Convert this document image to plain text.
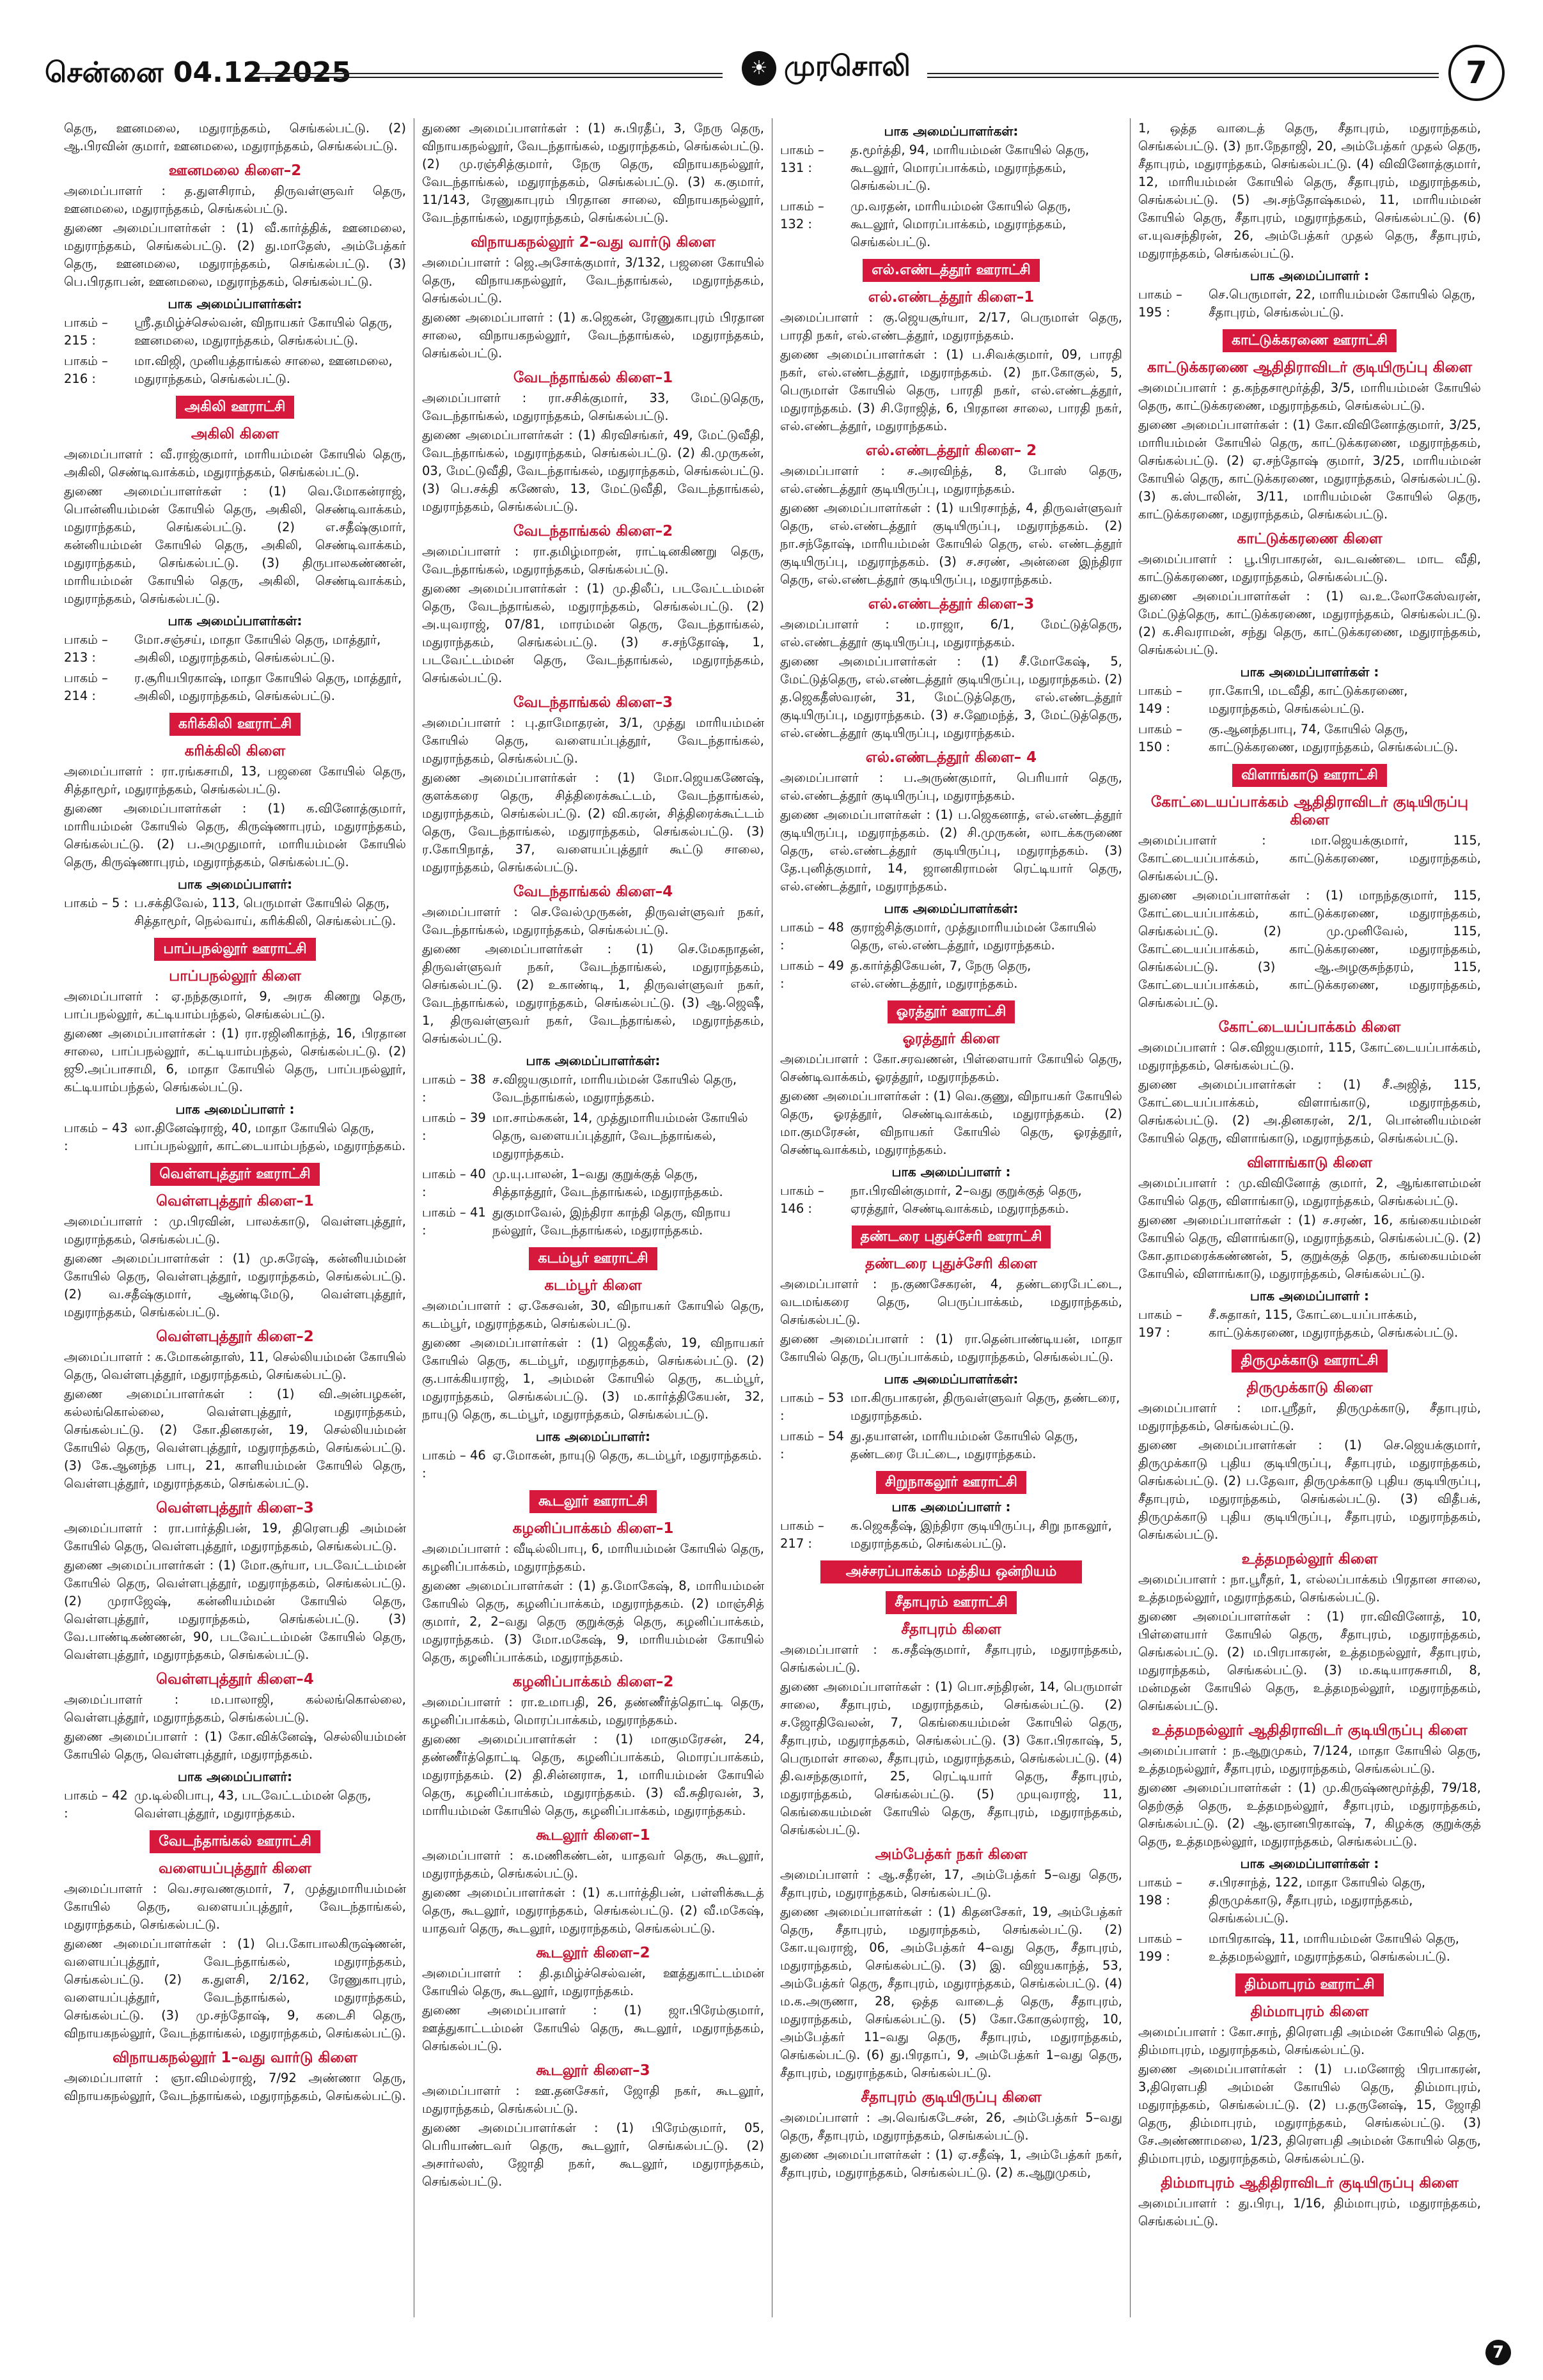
சென்னை 04.12.2025	☀ முரசொலி	7
தெரு, ஊனமலை, மதுராந்தகம், செங்கல்பட்டு. (2) ஆ.பிரவின் குமார், ஊனமலை, மதுராந்தகம், செங்கல்பட்டு.
ஊனமலை கிளை–2
அமைப்பாளர் : த.துளசிராம், திருவள்ளுவர் தெரு, ஊனமலை, மதுராந்தகம், செங்கல்பட்டு.
துணை அமைப்பாளர்கள் : (1) வீ.கார்த்திக், ஊனமலை, மதுராந்தகம், செங்கல்பட்டு. (2) து.மாதேஸ், அம்பேத்கர் தெரு, ஊனமலை, மதுராந்தகம், செங்கல்பட்டு. (3) பெ.பிரதாபன், ஊனமலை, மதுராந்தகம், செங்கல்பட்டு.
பாக அமைப்பாளர்கள்:
பாகம் – 215 :
ஸ்ரீ.தமிழ்ச்செல்வன், விநாயகர் கோயில் தெரு, ஊனமலை, மதுராந்தகம், செங்கல்பட்டு.
பாகம் – 216 :
மா.விஜி, முனியத்தாங்கல் சாலை, ஊனமலை, மதுராந்தகம், செங்கல்பட்டு.
அகிலி ஊராட்சி
அகிலி கிளை
அமைப்பாளர் : வீ.ராஜ்குமார், மாரியம்மன் கோயில் தெரு, அகிலி, செண்டிவாக்கம், மதுராந்தகம், செங்கல்பட்டு.
துணை அமைப்பாளர்கள் : (1) வெ.மோகன்ராஜ், பொன்னியம்மன் கோயில் தெரு, அகிலி, செண்டிவாக்கம், மதுராந்தகம், செங்கல்பட்டு. (2) எ.சதீஷ்குமார், கன்னியம்மன் கோயில் தெரு, அகிலி, செண்டிவாக்கம், மதுராந்தகம், செங்கல்பட்டு. (3) திருபாலகண்ணன், மாரியம்மன் கோயில் தெரு, அகிலி, செண்டிவாக்கம், மதுராந்தகம், செங்கல்பட்டு.
பாக அமைப்பாளர்கள்:
பாகம் – 213 :
மோ.சஞ்சய், மாதா கோயில் தெரு, மாத்தூர், அகிலி, மதுராந்தகம், செங்கல்பட்டு.
பாகம் – 214 :
ர.சூரியபிரகாஷ், மாதா கோயில் தெரு, மாத்தூர், அகிலி, மதுராந்தகம், செங்கல்பட்டு.
கரிக்கிலி ஊராட்சி
கரிக்கிலி கிளை
அமைப்பாளர் : ரா.ரங்கசாமி, 13, பஜனை கோயில் தெரு, சித்தாமூர், மதுராந்தகம், செங்கல்பட்டு.
துணை அமைப்பாளர்கள் : (1) க.வினோத்குமார், மாரியம்மன் கோயில் தெரு, கிருஷ்ணாபுரம், மதுராந்தகம், செங்கல்பட்டு. (2) ப.அமுதுமார், மாரியம்மன் கோயில் தெரு, கிருஷ்ணாபுரம், மதுராந்தகம், செங்கல்பட்டு.
பாக அமைப்பாளர்:
பாகம் – 5 : ப.சக்திவேல், 113, பெருமாள் கோயில் தெரு, சித்தாமூர், நெல்வாய், கரிக்கிலி, செங்கல்பட்டு.
பாப்பநல்லூர் ஊராட்சி
பாப்பநல்லூர் கிளை
அமைப்பாளர் : ஏ.நந்தகுமார், 9, அரசு கிணறு தெரு, பாப்பநல்லூர், கட்டியாம்பந்தல், செங்கல்பட்டு.
துணை அமைப்பாளர்கள் : (1) ரா.ரஜினிகாந்த், 16, பிரதான சாலை, பாப்பநல்லூர், கட்டியாம்பந்தல், செங்கல்பட்டு. (2) ஜூ.அப்பாசாமி, 6, மாதா கோயில் தெரு, பாப்பநல்லூர், கட்டியாம்பந்தல், செங்கல்பட்டு.
பாக அமைப்பாளர் :
பாகம் – 43 :
லா.தினேஷ்ராஜ், 40, மாதா கோயில் தெரு, பாப்பநல்லூர், காட்டையாம்பந்தல், மதுராந்தகம்.
வெள்ளபுத்தூர் ஊராட்சி
வெள்ளபுத்தூர் கிளை–1
அமைப்பாளர் : மு.பிரவின், பாலக்காடு, வெள்ளபுத்தூர், மதுராந்தகம், செங்கல்பட்டு.
துணை அமைப்பாளர்கள் : (1) மு.சுரேஷ், கன்னியம்மன் கோயில் தெரு, வெள்ளபுத்தூர், மதுராந்தகம், செங்கல்பட்டு. (2) வ.சதீஷ்குமார், ஆண்டிமேடு, வெள்ளபுத்தூர், மதுராந்தகம், செங்கல்பட்டு.
வெள்ளபுத்தூர் கிளை–2
அமைப்பாளர் : க.மோகன்தாஸ், 11, செல்லியம்மன் கோயில் தெரு, வெள்ளபுத்தூர், மதுராந்தகம், செங்கல்பட்டு.
துணை அமைப்பாளர்கள் : (1) வி.அன்பழகன், கல்லங்கொல்லை, வெள்ளபுத்தூர், மதுராந்தகம், செங்கல்பட்டு. (2) கோ.தினகரன், 19, செல்லியம்மன் கோயில் தெரு, வெள்ளபுத்தூர், மதுராந்தகம், செங்கல்பட்டு. (3) கே.ஆனந்த பாபு, 21, காளியம்மன் கோயில் தெரு, வெள்ளபுத்தூர், மதுராந்தகம், செங்கல்பட்டு.
வெள்ளபுத்தூர் கிளை–3
அமைப்பாளர் : ரா.பார்த்திபன், 19, திரௌபதி அம்மன் கோயில் தெரு, வெள்ளபுத்தூர், மதுராந்தகம், செங்கல்பட்டு.
துணை அமைப்பாளர்கள் : (1) மோ.சூர்யா, படவேட்டம்மன் கோயில் தெரு, வெள்ளபுத்தூர், மதுராந்தகம், செங்கல்பட்டு. (2) முராஜேஷ், கன்னியம்மன் கோயில் தெரு, வெள்ளபுத்தூர், மதுராந்தகம், செங்கல்பட்டு. (3) வே.பாண்டிகண்ணன், 90, படவேட்டம்மன் கோயில் தெரு, வெள்ளபுத்தூர், மதுராந்தகம், செங்கல்பட்டு.
வெள்ளபுத்தூர் கிளை–4
அமைப்பாளர் : ம.பாலாஜி, கல்லங்கொல்லை, வெள்ளபுத்தூர், மதுராந்தகம், செங்கல்பட்டு.
துணை அமைப்பாளர் : (1) கோ.விக்னேஷ், செல்லியம்மன் கோயில் தெரு, வெள்ளபுத்தூர், மதுராந்தகம்.
பாக அமைப்பாளர்:
பாகம் – 42 :
மு.டில்லிபாபு, 43, படவேட்டம்மன் தெரு, வெள்ளபுத்தூர், மதுராந்தகம்.
வேடந்தாங்கல் ஊராட்சி
வளையப்புத்தூர் கிளை
அமைப்பாளர் : வெ.சரவணகுமார், 7, முத்துமாரியம்மன் கோயில் தெரு, வளையப்புத்தூர், வேடந்தாங்கல், மதுராந்தகம், செங்கல்பட்டு.
துணை அமைப்பாளர்கள் : (1) பெ.கோபாலகிருஷ்ணன், வளையப்புத்தூர், வேடந்தாங்கல், மதுராந்தகம், செங்கல்பட்டு. (2) க.துளசி, 2/162, ரேணுகாபுரம், வளையப்புத்தூர், வேடந்தாங்கல், மதுராந்தகம், செங்கல்பட்டு. (3) மு.சந்தோஷ், 9, கடைசி தெரு, விநாயகநல்லூர், வேடந்தாங்கல், மதுராந்தகம், செங்கல்பட்டு.
விநாயகநல்லூர் 1–வது வார்டு கிளை
அமைப்பாளர் : ஞா.விமல்ராஜ், 7/92 அண்ணா தெரு, விநாயகநல்லூர், வேடந்தாங்கல், மதுராந்தகம், செங்கல்பட்டு.
துணை அமைப்பாளர்கள் : (1) சு.பிரதீப், 3, நேரு தெரு, விநாயகநல்லூர், வேடந்தாங்கல், மதுராந்தகம், செங்கல்பட்டு. (2) மு.ரஞ்சித்குமார், நேரு தெரு, விநாயகநல்லூர், வேடந்தாங்கல், மதுராந்தகம், செங்கல்பட்டு. (3) க.குமார், 11/143, ரேணுகாபுரம் பிரதான சாலை, விநாயகநல்லூர், வேடந்தாங்கல், மதுராந்தகம், செங்கல்பட்டு.
விநாயகநல்லூர் 2–வது வார்டு கிளை
அமைப்பாளர் : ஜெ.அசோக்குமார், 3/132, பஜனை கோயில் தெரு, விநாயகநல்லூர், வேடந்தாங்கல், மதுராந்தகம், செங்கல்பட்டு.
துணை அமைப்பாளர் : (1) க.ஜெகன், ரேணுகாபுரம் பிரதான சாலை, விநாயகநல்லூர், வேடந்தாங்கல், மதுராந்தகம், செங்கல்பட்டு.
வேடந்தாங்கல் கிளை–1
அமைப்பாளர் : ரா.சசிக்குமார், 33, மேட்டுதெரு, வேடந்தாங்கல், மதுராந்தகம், செங்கல்பட்டு.
துணை அமைப்பாளர்கள் : (1) கிரவிசங்கர், 49, மேட்டுவீதி, வேடந்தாங்கல், மதுராந்தகம், செங்கல்பட்டு. (2) கி.முருகன், 03, மேட்டுவீதி, வேடந்தாங்கல், மதுராந்தகம், செங்கல்பட்டு. (3) பெ.சக்தி கணேஸ், 13, மேட்டுவீதி, வேடந்தாங்கல், மதுராந்தகம், செங்கல்பட்டு.
வேடந்தாங்கல் கிளை–2
அமைப்பாளர் : ரா.தமிழ்மாறன், ராட்டினகிணறு தெரு, வேடந்தாங்கல், மதுராந்தகம், செங்கல்பட்டு.
துணை அமைப்பாளர்கள் : (1) மு.திலீப், படவேட்டம்மன் தெரு, வேடந்தாங்கல், மதுராந்தகம், செங்கல்பட்டு. (2) அ.யுவராஜ், 07/81, மாரம்மன் தெரு, வேடந்தாங்கல், மதுராந்தகம், செங்கல்பட்டு. (3) ச.சந்தோஷ், 1, படவேட்டம்மன் தெரு, வேடந்தாங்கல், மதுராந்தகம், செங்கல்பட்டு.
வேடந்தாங்கல் கிளை–3
அமைப்பாளர் : பு.தாமோதரன், 3/1, முத்து மாரியம்மன் கோயில் தெரு, வளையப்புத்தூர், வேடந்தாங்கல், மதுராந்தகம், செங்கல்பட்டு.
துணை அமைப்பாளர்கள் : (1) மோ.ஜெயகணேஷ், குளக்கரை தெரு, சித்திரைக்கூட்டம், வேடந்தாங்கல், மதுராந்தகம், செங்கல்பட்டு. (2) வி.கரன், சித்திரைக்கூட்டம் தெரு, வேடந்தாங்கல், மதுராந்தகம், செங்கல்பட்டு. (3) ர.கோபிநாத், 37, வளையப்புத்தூர் கூட்டு சாலை, மதுராந்தகம், செங்கல்பட்டு.
வேடந்தாங்கல் கிளை–4
அமைப்பாளர் : செ.வேல்முருகன், திருவள்ளுவர் நகர், வேடந்தாங்கல், மதுராந்தகம், செங்கல்பட்டு.
துணை அமைப்பாளர்கள் : (1) செ.மேகநாதன், திருவள்ளுவர் நகர், வேடந்தாங்கல், மதுராந்தகம், செங்கல்பட்டு. (2) உகாண்டி, 1, திருவள்ளுவர் நகர், வேடந்தாங்கல், மதுராந்தகம், செங்கல்பட்டு. (3) ஆ.ஜெஷீ, 1, திருவள்ளுவர் நகர், வேடந்தாங்கல், மதுராந்தகம், செங்கல்பட்டு.
பாக அமைப்பாளர்கள்:
பாகம் – 38 :
ச.விஜயகுமார், மாரியம்மன் கோயில் தெரு, வேடந்தாங்கல், மதுராந்தகம்.
பாகம் – 39 :
மா.சாம்சுகன், 14, முத்துமாரியம்மன் கோயில் தெரு, வளையப்புத்தூர், வேடந்தாங்கல், மதுராந்தகம்.
பாகம் – 40 :
மு.யு.பாலன், 1–வது குறுக்குத் தெரு, சித்தாத்தூர், வேடந்தாங்கல், மதுராந்தகம்.
பாகம் – 41 :
துகுமாவேல், இந்திரா காந்தி தெரு, விநாய நல்லூர், வேடந்தாங்கல், மதுராந்தகம்.
கடம்பூர் ஊராட்சி
கடம்பூர் கிளை
அமைப்பாளர் : ஏ.கேசவன், 30, விநாயகர் கோயில் தெரு, கடம்பூர், மதுராந்தகம், செங்கல்பட்டு.
துணை அமைப்பாளர்கள் : (1) ஜெகதீஸ், 19, விநாயகர் கோயில் தெரு, கடம்பூர், மதுராந்தகம், செங்கல்பட்டு. (2) கு.பாக்கியராஜ், 1, அம்மன் கோயில் தெரு, கடம்பூர், மதுராந்தகம், செங்கல்பட்டு. (3) ம.கார்த்திகேயன், 32, நாயுடு தெரு, கடம்பூர், மதுராந்தகம், செங்கல்பட்டு.
பாக அமைப்பாளர்:
பாகம் – 46 :
ஏ.மோகன், நாயுடு தெரு, கடம்பூர், மதுராந்தகம்.
கூடலூர் ஊராட்சி
கழனிப்பாக்கம் கிளை–1
அமைப்பாளர் : வீடில்லிபாபு, 6, மாரியம்மன் கோயில் தெரு, கழனிப்பாக்கம், மதுராந்தகம்.
துணை அமைப்பாளர்கள் : (1) த.மோகேஷ், 8, மாரியம்மன் கோயில் தெரு, கழனிப்பாக்கம், மதுராந்தகம். (2) மாஞ்சித் குமார், 2, 2–வது தெரு குறுக்குத் தெரு, கழனிப்பாக்கம், மதுராந்தகம். (3) மோ.மகேஷ், 9, மாரியம்மன் கோயில் தெரு, கழனிப்பாக்கம், மதுராந்தகம்.
கழனிப்பாக்கம் கிளை–2
அமைப்பாளர் : ரா.உமாபதி, 26, தண்ணீர்த்தொட்டி தெரு, கழனிப்பாக்கம், மொரப்பாக்கம், மதுராந்தகம்.
துணை அமைப்பாளர்கள் : (1) மாகுமரேசன், 24, தண்ணீர்த்தொட்டி தெரு, கழனிப்பாக்கம், மொரப்பாக்கம், மதுராந்தகம். (2) தி.சின்னராசு, 1, மாரியம்மன் கோயில் தெரு, கழனிப்பாக்கம், மதுராந்தகம். (3) வீ.சுதிரவன், 3, மாரியம்மன் கோயில் தெரு, கழனிப்பாக்கம், மதுராந்தகம்.
கூடலூர் கிளை–1
அமைப்பாளர் : க.மணிகண்டன், யாதவர் தெரு, கூடலூர், மதுராந்தகம், செங்கல்பட்டு.
துணை அமைப்பாளர்கள் : (1) க.பார்த்திபன், பள்ளிக்கூடத் தெரு, கூடலூர், மதுராந்தகம், செங்கல்பட்டு. (2) வீ.மகேஷ், யாதவர் தெரு, கூடலூர், மதுராந்தகம், செங்கல்பட்டு.
கூடலூர் கிளை–2
அமைப்பாளர் : தி.தமிழ்ச்செல்வன், ஊத்துகாட்டம்மன் கோயில் தெரு, கூடலூர், மதுராந்தகம்.
துணை அமைப்பாளர் : (1) ஜா.பிரேம்குமார், ஊத்துகாட்டம்மன் கோயில் தெரு, கூடலூர், மதுராந்தகம், செங்கல்பட்டு.
கூடலூர் கிளை–3
அமைப்பாளர் : ஊ.தனசேகர், ஜோதி நகர், கூடலூர், மதுராந்தகம், செங்கல்பட்டு.
துணை அமைப்பாளர்கள் : (1) பிரேம்குமார், 05, பெரியாண்டவர் தெரு, கூடலூர், செங்கல்பட்டு. (2) அசார்லஸ், ஜோதி நகர், கூடலூர், மதுராந்தகம், செங்கல்பட்டு.
பாக அமைப்பாளர்கள்:
பாகம் – 131 :
த.மூர்த்தி, 94, மாரியம்மன் கோயில் தெரு, கூடலூர், மொரப்பாக்கம், மதுராந்தகம், செங்கல்பட்டு.
பாகம் – 132 :
மு.வரதன், மாரியம்மன் கோயில் தெரு, கூடலூர், மொரப்பாக்கம், மதுராந்தகம், செங்கல்பட்டு.
எல்.எண்டத்தூர் ஊராட்சி
எல்.எண்டத்தூர் கிளை–1
அமைப்பாளர் : கு.ஜெயசூர்யா, 2/17, பெருமாள் தெரு, பாரதி நகர், எல்.எண்டத்தூர், மதுராந்தகம்.
துணை அமைப்பாளர்கள் : (1) ப.சிவக்குமார், 09, பாரதி நகர், எல்.எண்டத்தூர், மதுராந்தகம். (2) நா.கோகுல், 5, பெருமாள் கோயில் தெரு, பாரதி நகர், எல்.எண்டத்தூர், மதுராந்தகம். (3) சி.ரோஜித், 6, பிரதான சாலை, பாரதி நகர், எல்.எண்டத்தூர், மதுராந்தகம்.
எல்.எண்டத்தூர் கிளை– 2
அமைப்பாளர் : ச.அரவிந்த், 8, போஸ் தெரு, எல்.எண்டத்தூர் குடியிருப்பு, மதுராந்தகம்.
துணை அமைப்பாளர்கள் : (1) யபிரசாந்த், 4, திருவள்ளுவர் தெரு, எல்.எண்டத்தூர் குடியிருப்பு, மதுராந்தகம். (2) நா.சந்தோஷ், மாரியம்மன் கோயில் தெரு, எல். எண்டத்தூர் குடியிருப்பு, மதுராந்தகம். (3) ச.சரண், அன்னை இந்திரா தெரு, எல்.எண்டத்தூர் குடியிருப்பு, மதுராந்தகம்.
எல்.எண்டத்தூர் கிளை–3
அமைப்பாளர் : ம.ராஜா, 6/1, மேட்டுத்தெரு, எல்.எண்டத்தூர் குடியிருப்பு, மதுராந்தகம்.
துணை அமைப்பாளர்கள் : (1) சீ.மோகேஷ், 5, மேட்டுத்தெரு, எல்.எண்டத்தூர் குடியிருப்பு, மதுராந்தகம். (2) த.ஜெகதீஸ்வரன், 31, மேட்டுத்தெரு, எல்.எண்டத்தூர் குடியிருப்பு, மதுராந்தகம். (3) ச.ஹேமந்த், 3, மேட்டுத்தெரு, எல்.எண்டத்தூர் குடியிருப்பு, மதுராந்தகம்.
எல்.எண்டத்தூர் கிளை– 4
அமைப்பாளர் : ப.அருண்குமார், பெரியார் தெரு, எல்.எண்டத்தூர் குடியிருப்பு, மதுராந்தகம்.
துணை அமைப்பாளர்கள் : (1) ப.ஜெகனாத், எல்.எண்டத்தூர் குடியிருப்பு, மதுராந்தகம். (2) சி.முருகன், லாடக்கருணை தெரு, எல்.எண்டத்தூர் குடியிருப்பு, மதுராந்தகம். (3) தே.புனித்குமார், 14, ஜானகிராமன் ரெட்டியார் தெரு, எல்.எண்டத்தூர், மதுராந்தகம்.
பாக அமைப்பாளர்கள்:
பாகம் – 48 :
குராஜ்சித்குமார், முத்துமாரியம்மன் கோயில் தெரு, எல்.எண்டத்தூர், மதுராந்தகம்.
பாகம் – 49 :
த.கார்த்திகேயன், 7, நேரு தெரு, எல்.எண்டத்தூர், மதுராந்தகம்.
ஓரத்தூர் ஊராட்சி
ஓரத்தூர் கிளை
அமைப்பாளர் : கோ.சரவணன், பிள்ளையார் கோயில் தெரு, செண்டிவாக்கம், ஓரத்தூர், மதுராந்தகம்.
துணை அமைப்பாளர்கள் : (1) வெ.குணு, விநாயகர் கோயில் தெரு, ஓரத்தூர், செண்டிவாக்கம், மதுராந்தகம். (2) மா.குமரேசன், விநாயகர் கோயில் தெரு, ஓரத்தூர், செண்டிவாக்கம், மதுராந்தகம்.
பாக அமைப்பாளர் :
பாகம் – 146 :
நா.பிரவின்குமார், 2–வது குறுக்குத் தெரு, ஏரத்தூர், செண்டிவாக்கம், மதுராந்தகம்.
தண்டரை புதுச்சேரி ஊராட்சி
தண்டரை புதுச்சேரி கிளை
அமைப்பாளர் : ந.குணசேகரன், 4, தண்டரைபேட்டை, வடமங்கரை தெரு, பெருப்பாக்கம், மதுராந்தகம், செங்கல்பட்டு.
துணை அமைப்பாளர் : (1) ரா.தென்பாண்டியன், மாதா கோயில் தெரு, பெருப்பாக்கம், மதுராந்தகம், செங்கல்பட்டு.
பாக அமைப்பாளர்கள்:
பாகம் – 53 :
மா.கிருபாகரன், திருவள்ளுவர் தெரு, தண்டரை, மதுராந்தகம்.
பாகம் – 54 :
து.தயாளன், மாரியம்மன் கோயில் தெரு, தண்டரை பேட்டை, மதுராந்தகம்.
சிறுநாகலூர் ஊராட்சி
பாக அமைப்பாளர் :
பாகம் – 217 :
க.ஜெகதீஷ், இந்திரா குடியிருப்பு, சிறு நாகலூர், மதுராந்தகம், செங்கல்பட்டு.
அச்சரப்பாக்கம் மத்திய ஒன்றியம்
சீதாபுரம் ஊராட்சி
சீதாபுரம் கிளை
அமைப்பாளர் : க.சதீஷ்குமார், சீதாபுரம், மதுராந்தகம், செங்கல்பட்டு.
துணை அமைப்பாளர்கள் : (1) பொ.சந்திரன், 14, பெருமாள் சாலை, சீதாபுரம், மதுராந்தகம், செங்கல்பட்டு. (2) ச.ஜோதிவேலன், 7, கெங்கையம்மன் கோயில் தெரு, சீதாபுரம், மதுராந்தகம், செங்கல்பட்டு. (3) கோ.பிரகாஷ், 5, பெருமாள் சாலை, சீதாபுரம், மதுராந்தகம், செங்கல்பட்டு. (4) தி.வசந்தகுமார், 25, ரெட்டியார் தெரு, சீதாபுரம், மதுராந்தகம், செங்கல்பட்டு. (5) முயுவராஜ், 11, கெங்கையம்மன் கோயில் தெரு, சீதாபுரம், மதுராந்தகம், செங்கல்பட்டு.
அம்பேத்கர் நகர் கிளை
அமைப்பாளர் : ஆ.சதீரன், 17, அம்பேத்கர் 5–வது தெரு, சீதாபுரம், மதுராந்தகம், செங்கல்பட்டு.
துணை அமைப்பாளர்கள் : (1) கிதனசேகர், 19, அம்பேத்கர் தெரு, சீதாபுரம், மதுராந்தகம், செங்கல்பட்டு. (2) கோ.யுவராஜ், 06, அம்பேத்கர் 4–வது தெரு, சீதாபுரம், மதுராந்தகம், செங்கல்பட்டு. (3) இ. விஜயகாந்த், 53, அம்பேத்கர் தெரு, சீதாபுரம், மதுராந்தகம், செங்கல்பட்டு. (4) ம.க.அருணா, 28, ஒத்த வாடைத் தெரு, சீதாபுரம், மதுராந்தகம், செங்கல்பட்டு. (5) கோ.கோகுல்ராஜ், 10, அம்பேத்கர் 11–வது தெரு, சீதாபுரம், மதுராந்தகம், செங்கல்பட்டு. (6) து.பிரதாப், 9, அம்பேத்கர் 1–வது தெரு, சீதாபுரம், மதுராந்தகம், செங்கல்பட்டு.
சீதாபுரம் குடியிருப்பு கிளை
அமைப்பாளர் : அ.வெங்கடேசன், 26, அம்பேத்கர் 5–வது தெரு, சீதாபுரம், மதுராந்தகம், செங்கல்பட்டு.
துணை அமைப்பாளர்கள் : (1) ஏ.சதீஷ், 1, அம்பேத்கர் நகர், சீதாபுரம், மதுராந்தகம், செங்கல்பட்டு. (2) க.ஆறுமுகம்,
1, ஒத்த வாடைத் தெரு, சீதாபுரம், மதுராந்தகம், செங்கல்பட்டு. (3) நா.நேதாஜி, 20, அம்பேத்கர் முதல் தெரு, சீதாபுரம், மதுராந்தகம், செங்கல்பட்டு. (4) விவினோத்குமார், 12, மாரியம்மன் கோயில் தெரு, சீதாபுரம், மதுராந்தகம், செங்கல்பட்டு. (5) அ.சந்தோஷ்கமல், 11, மாரியம்மன் கோயில் தெரு, சீதாபுரம், மதுராந்தகம், செங்கல்பட்டு. (6) எ.யுவசந்திரன், 26, அம்பேத்கர் முதல் தெரு, சீதாபுரம், மதுராந்தகம், செங்கல்பட்டு.
பாக அமைப்பாளர் :
பாகம் – 195 :
செ.பெருமாள், 22, மாரியம்மன் கோயில் தெரு, சீதாபுரம், செங்கல்பட்டு.
காட்டுக்கரணை ஊராட்சி
காட்டுக்கரணை ஆதிதிராவிடர் குடியிருப்பு கிளை
அமைப்பாளர் : த.கந்தசாமூர்த்தி, 3/5, மாரியம்மன் கோயில் தெரு, காட்டுக்கரணை, மதுராந்தகம், செங்கல்பட்டு.
துணை அமைப்பாளர்கள் : (1) கோ.விவினோத்குமார், 3/25, மாரியம்மன் கோயில் தெரு, காட்டுக்கரணை, மதுராந்தகம், செங்கல்பட்டு. (2) ஏ.சந்தோஷ் குமார், 3/25, மாரியம்மன் கோயில் தெரு, காட்டுக்கரணை, மதுராந்தகம், செங்கல்பட்டு. (3) க.ஸ்டாலின், 3/11, மாரியம்மன் கோயில் தெரு, காட்டுக்கரணை, மதுராந்தகம், செங்கல்பட்டு.
காட்டுக்கரணை கிளை
அமைப்பாளர் : பூ.பிரபாகரன், வடவண்டை மாட வீதி, காட்டுக்கரணை, மதுராந்தகம், செங்கல்பட்டு.
துணை அமைப்பாளர்கள் : (1) வ.உ.லோகேஸ்வரன், மேட்டுத்தெரு, காட்டுக்கரணை, மதுராந்தகம், செங்கல்பட்டு. (2) க.சிவராமன், சந்து தெரு, காட்டுக்கரணை, மதுராந்தகம், செங்கல்பட்டு.
பாக அமைப்பாளர்கள் :
பாகம் – 149 :
ரா.கோபி, மடவீதி, காட்டுக்கரணை, மதுராந்தகம், செங்கல்பட்டு.
பாகம் – 150 :
கு.ஆனந்தபாபு, 74, கோயில் தெரு, காட்டுக்கரணை, மதுராந்தகம், செங்கல்பட்டு.
விளாங்காடு ஊராட்சி
கோட்டையப்பாக்கம் ஆதிதிராவிடர் குடியிருப்பு கிளை
அமைப்பாளர் : மா.ஜெயக்குமார், 115, கோட்டையப்பாக்கம், காட்டுக்கரணை, மதுராந்தகம், செங்கல்பட்டு.
துணை அமைப்பாளர்கள் : (1) மாநந்தகுமார், 115, கோட்டையப்பாக்கம், காட்டுக்கரணை, மதுராந்தகம், செங்கல்பட்டு. (2) மு.முனிவேல், 115, கோட்டையப்பாக்கம், காட்டுக்கரணை, மதுராந்தகம், செங்கல்பட்டு. (3) ஆ.அழகுசுந்தரம், 115, கோட்டையப்பாக்கம், காட்டுக்கரணை, மதுராந்தகம், செங்கல்பட்டு.
கோட்டையப்பாக்கம் கிளை
அமைப்பாளர் : செ.விஜயகுமார், 115, கோட்டையப்பாக்கம், மதுராந்தகம், செங்கல்பட்டு.
துணை அமைப்பாளர்கள் : (1) சீ.அஜித், 115, கோட்டையப்பாக்கம், விளாங்காடு, மதுராந்தகம், செங்கல்பட்டு. (2) அ.தினகரன், 2/1, பொன்னியம்மன் கோயில் தெரு, விளாங்காடு, மதுராந்தகம், செங்கல்பட்டு.
விளாங்காடு கிளை
அமைப்பாளர் : மு.விவினோத் குமார், 2, ஆங்காளம்மன் கோயில் தெரு, விளாங்காடு, மதுராந்தகம், செங்கல்பட்டு.
துணை அமைப்பாளர்கள் : (1) ச.சரண், 16, கங்கையம்மன் கோயில் தெரு, விளாங்காடு, மதுராந்தகம், செங்கல்பட்டு. (2) கோ.தாமரைக்கண்ணன், 5, குறுக்குத் தெரு, கங்கையம்மன் கோயில், விளாங்காடு, மதுராந்தகம், செங்கல்பட்டு.
பாக அமைப்பாளர் :
பாகம் – 197 :
சீ.சுதாகர், 115, கோட்டையப்பாக்கம், காட்டுக்கரணை, மதுராந்தகம், செங்கல்பட்டு.
திருமுக்காடு ஊராட்சி
திருமுக்காடு கிளை
அமைப்பாளர் : மா.ஸ்ரீதர், திருமுக்காடு, சீதாபுரம், மதுராந்தகம், செங்கல்பட்டு.
துணை அமைப்பாளர்கள் : (1) செ.ஜெயக்குமார், திருமுக்காடு புதிய குடியிருப்பு, சீதாபுரம், மதுராந்தகம், செங்கல்பட்டு. (2) ப.தேவா, திருமுக்காடு புதிய குடியிருப்பு, சீதாபுரம், மதுராந்தகம், செங்கல்பட்டு. (3) விதீபக், திருமுக்காடு புதிய குடியிருப்பு, சீதாபுரம், மதுராந்தகம், செங்கல்பட்டு.
உத்தமநல்லூர் கிளை
அமைப்பாளர் : நா.பூரீதர், 1, எல்லப்பாக்கம் பிரதான சாலை, உத்தமநல்லூர், மதுராந்தகம், செங்கல்பட்டு.
துணை அமைப்பாளர்கள் : (1) ரா.விவினோத், 10, பிள்ளையார் கோயில் தெரு, சீதாபுரம், மதுராந்தகம், செங்கல்பட்டு. (2) ம.பிரபாகரன், உத்தமநல்லூர், சீதாபுரம், மதுராந்தகம், செங்கல்பட்டு. (3) ம.கடியாரசுசாமி, 8, மன்மதன் கோயில் தெரு, உத்தமநல்லூர், மதுராந்தகம், செங்கல்பட்டு.
உத்தமநல்லூர் ஆதிதிராவிடர் குடியிருப்பு கிளை
அமைப்பாளர் : ந.ஆறுமுகம், 7/124, மாதா கோயில் தெரு, உத்தமநல்லூர், சீதாபுரம், மதுராந்தகம், செங்கல்பட்டு.
துணை அமைப்பாளர்கள் : (1) மு.கிருஷ்ணமூர்த்தி, 79/18, தெற்குத் தெரு, உத்தமநல்லூர், சீதாபுரம், மதுராந்தகம், செங்கல்பட்டு. (2) ஆ.ஞானபிரகாஷ், 7, கிழக்கு குறுக்குத் தெரு, உத்தமநல்லூர், மதுராந்தகம், செங்கல்பட்டு.
பாக அமைப்பாளர்கள் :
பாகம் – 198 :
ச.பிரசாந்த், 122, மாதா கோயில் தெரு, திருமுக்காடு, சீதாபுரம், மதுராந்தகம், செங்கல்பட்டு.
பாகம் – 199 :
மாபிரகாஷ், 11, மாரியம்மன் கோயில் தெரு, உத்தமநல்லூர், மதுராந்தகம், செங்கல்பட்டு.
திம்மாபுரம் ஊராட்சி
திம்மாபுரம் கிளை
அமைப்பாளர் : கோ.சாந், திரௌபதி அம்மன் கோயில் தெரு, திம்மாபுரம், மதுராந்தகம், செங்கல்பட்டு.
துணை அமைப்பாளர்கள் : (1) ப.மனோஜ் பிரபாகரன், 3,திரௌபதி அம்மன் கோயில் தெரு, திம்மாபுரம், மதுராந்தகம், செங்கல்பட்டு. (2) ப.தருனேஷ், 15, ஜோதி தெரு, திம்மாபுரம், மதுராந்தகம், செங்கல்பட்டு. (3) சே.அண்ணாமலை, 1/23, திரௌபதி அம்மன் கோயில் தெரு, திம்மாபுரம், மதுராந்தகம், செங்கல்பட்டு.
திம்மாபுரம் ஆதிதிராவிடர் குடியிருப்பு கிளை
அமைப்பாளர் : து.பிரபு, 1/16, திம்மாபுரம், மதுராந்தகம், செங்கல்பட்டு.
7
